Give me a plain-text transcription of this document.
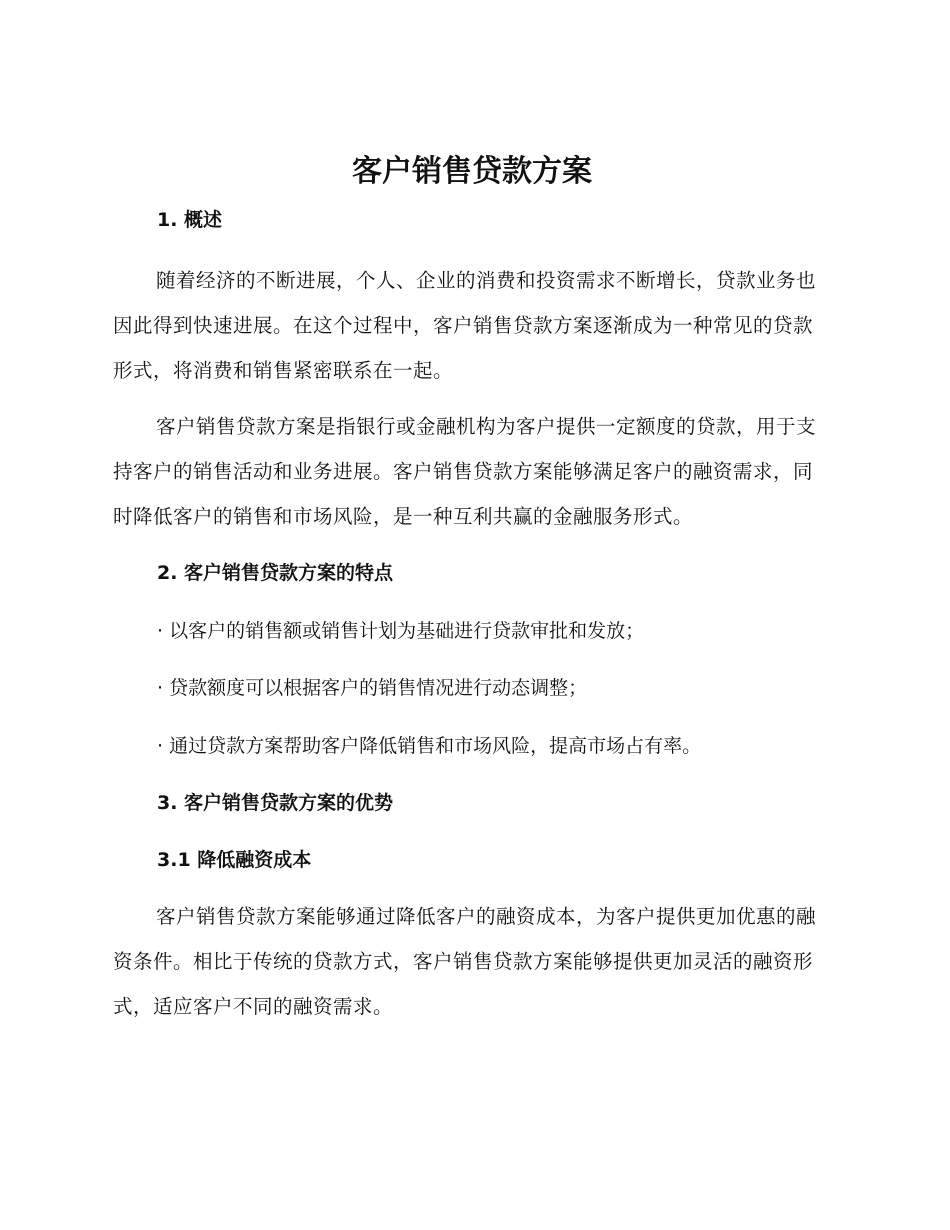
客户销售贷款方案
1. 概述

随着经济的不断进展，个人、企业的消费和投资需求不断增长，贷款业务也因此得到快速进展。在这个过程中，客户销售贷款方案逐渐成为一种常见的贷款形式，将消费和销售紧密联系在一起。

客户销售贷款方案是指银行或金融机构为客户提供一定额度的贷款，用于支持客户的销售活动和业务进展。客户销售贷款方案能够满足客户的融资需求，同时降低客户的销售和市场风险，是一种互利共赢的金融服务形式。

2. 客户销售贷款方案的特点

· 以客户的销售额或销售计划为基础进行贷款审批和发放；

· 贷款额度可以根据客户的销售情况进行动态调整；

· 通过贷款方案帮助客户降低销售和市场风险，提高市场占有率。

3. 客户销售贷款方案的优势
3.1 降低融资成本

客户销售贷款方案能够通过降低客户的融资成本，为客户提供更加优惠的融资条件。相比于传统的贷款方式，客户销售贷款方案能够提供更加灵活的融资形式，适应客户不同的融资需求。
